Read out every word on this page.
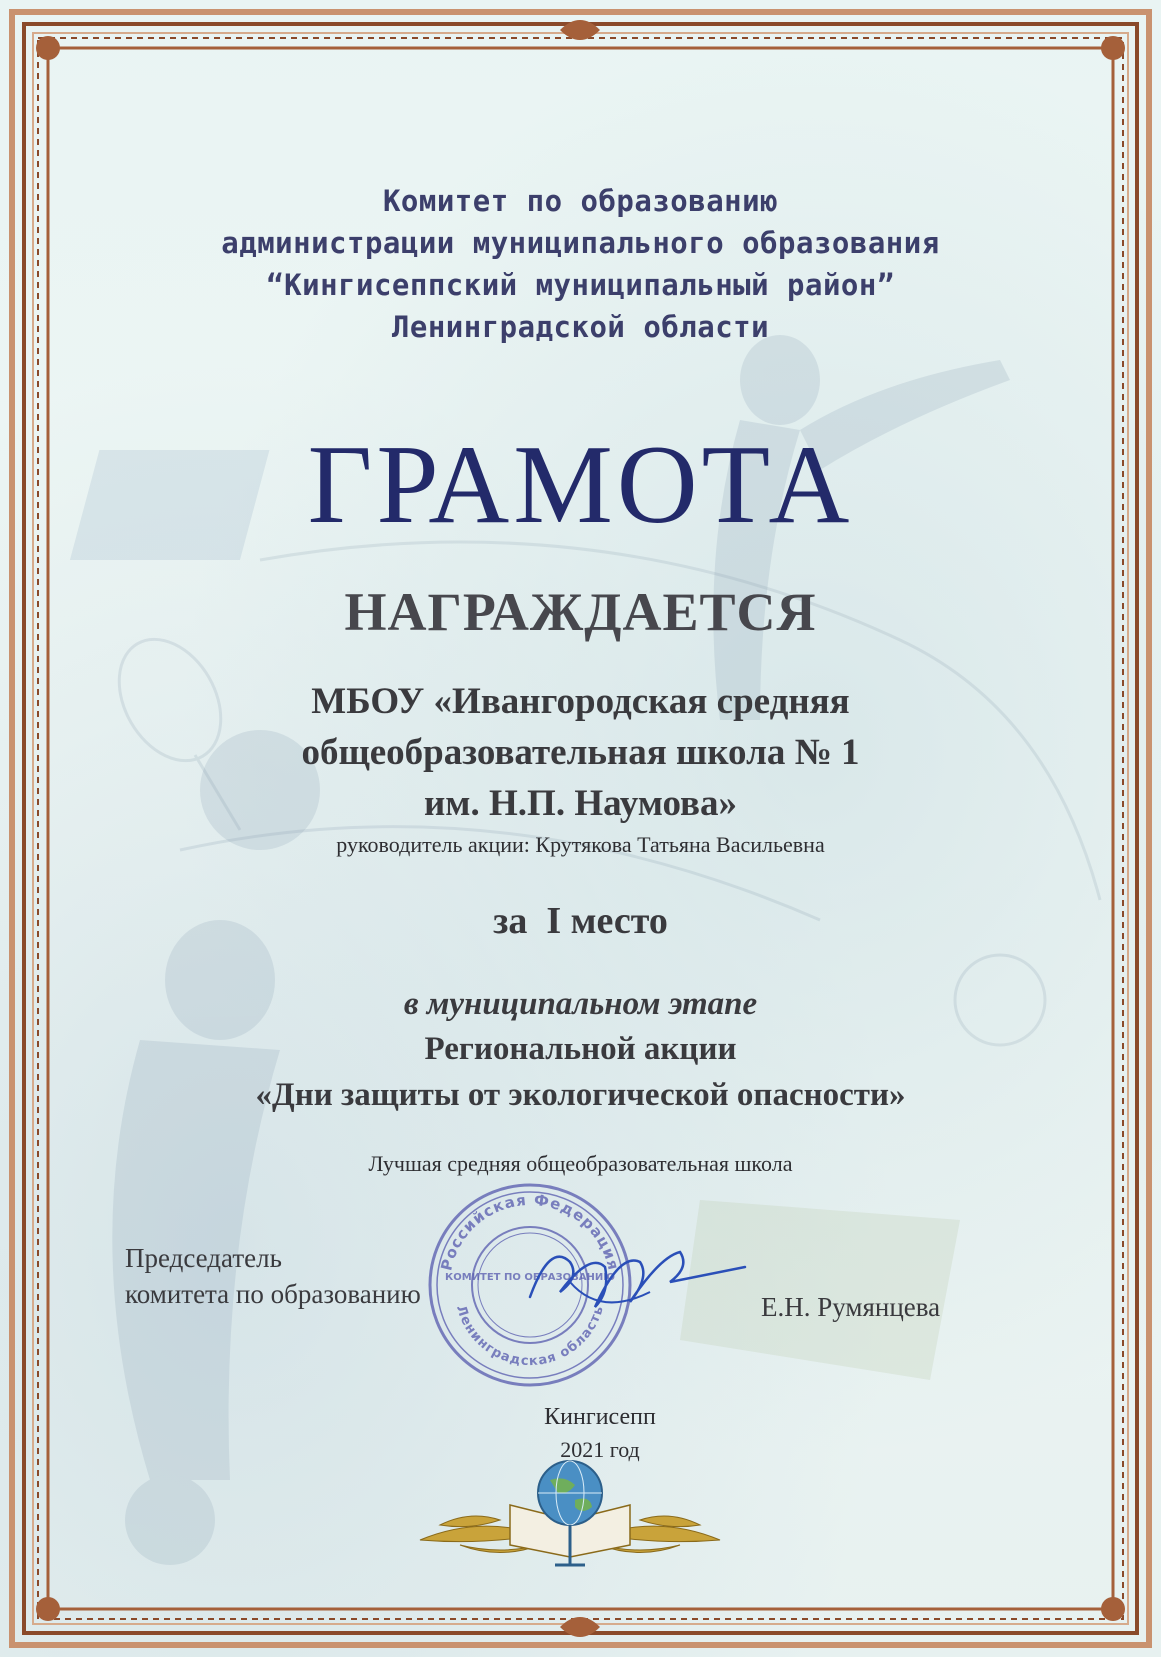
Комитет по образованию
администрации муниципального образования
“Кингисеппский муниципальный район”
Ленинградской области
ГРАМОТА
НАГРАЖДАЕТСЯ
МБОУ «Ивангородская средняя
общеобразовательная школа № 1
им. Н.П. Наумова»
руководитель акции: Крутякова Татьяна Васильевна
за  I место
в муниципальном этапе
Региональной акции
«Дни защиты от экологической опасности»
Лучшая средняя общеобразовательная школа
Председатель
комитета по образованию	Е.Н. Румянцева
Российская Федерация
Ленинградская область
КОМИТЕТ ПО ОБРАЗОВАНИЮ
Кингисепп
2021 год
